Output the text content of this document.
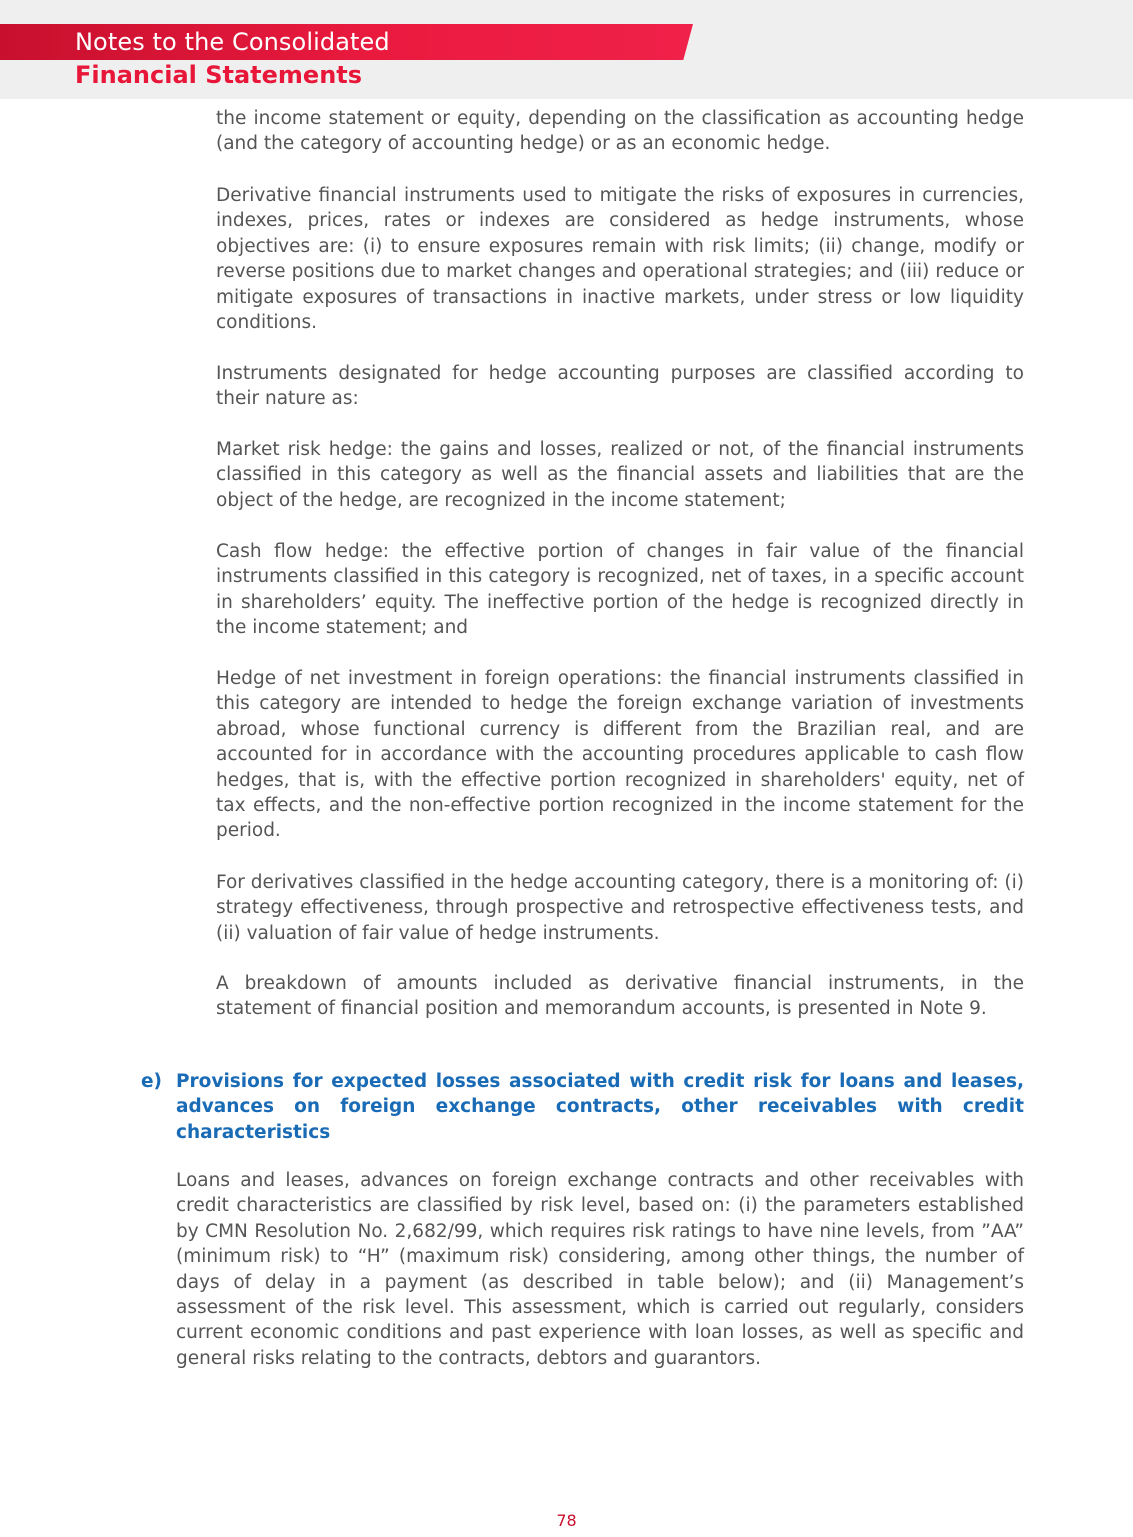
Notes to the Consolidated
Financial Statements

the income statement or equity, depending on the classification as accounting hedge (and the category of accounting hedge) or as an economic hedge.

Derivative financial instruments used to mitigate the risks of exposures in currencies, indexes, prices, rates or indexes are considered as hedge instruments, whose objectives are: (i) to ensure exposures remain with risk limits; (ii) change, modify or reverse positions due to market changes and operational strategies; and (iii) reduce or mitigate exposures of transactions in inactive markets, under stress or low liquidity conditions.

Instruments designated for hedge accounting purposes are classified according to their nature as:

Market risk hedge: the gains and losses, realized or not, of the financial instruments classified in this category as well as the financial assets and liabilities that are the object of the hedge, are recognized in the income statement;

Cash flow hedge: the effective portion of changes in fair value of the financial instruments classified in this category is recognized, net of taxes, in a specific account in shareholders’ equity. The ineffective portion of the hedge is recognized directly in the income statement; and

Hedge of net investment in foreign operations: the financial instruments classified in this category are intended to hedge the foreign exchange variation of investments abroad, whose functional currency is different from the Brazilian real, and are accounted for in accordance with the accounting procedures applicable to cash flow hedges, that is, with the effective portion recognized in shareholders' equity, net of tax effects, and the non-effective portion recognized in the income statement for the period.

For derivatives classified in the hedge accounting category, there is a monitoring of: (i) strategy effectiveness, through prospective and retrospective effectiveness tests, and (ii) valuation of fair value of hedge instruments.

A breakdown of amounts included as derivative financial instruments, in the statement of financial position and memorandum accounts, is presented in Note 9.

e) Provisions for expected losses associated with credit risk for loans and leases, advances on foreign exchange contracts, other receivables with credit characteristics

Loans and leases, advances on foreign exchange contracts and other receivables with credit characteristics are classified by risk level, based on: (i) the parameters established by CMN Resolution No. 2,682/99, which requires risk ratings to have nine levels, from ”AA” (minimum risk) to “H” (maximum risk) considering, among other things, the number of days of delay in a payment (as described in table below); and (ii) Management’s assessment of the risk level. This assessment, which is carried out regularly, considers current economic conditions and past experience with loan losses, as well as specific and general risks relating to the contracts, debtors and guarantors.

78
